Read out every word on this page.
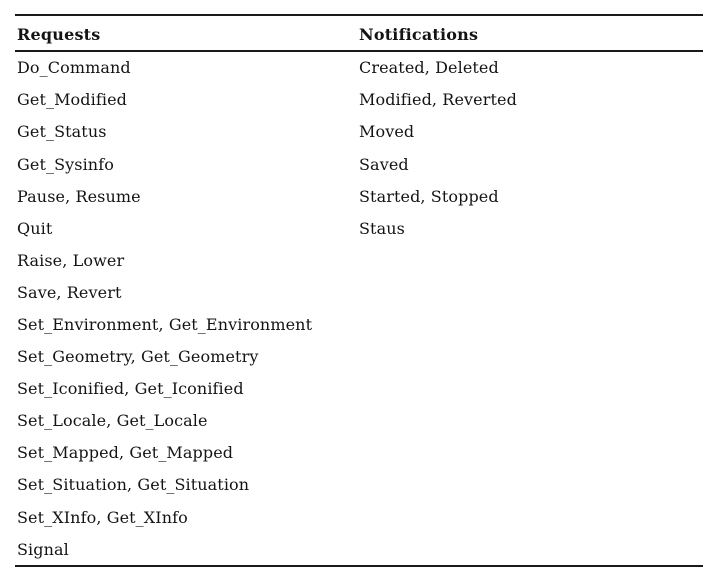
Requests	Notifications
Do_Command	Created, Deleted
Get_Modified	Modified, Reverted
Get_Status	Moved
Get_Sysinfo	Saved
Pause, Resume	Started, Stopped
Quit	Staus
Raise, Lower
Save, Revert
Set_Environment, Get_Environment
Set_Geometry, Get_Geometry
Set_Iconified, Get_Iconified
Set_Locale, Get_Locale
Set_Mapped, Get_Mapped
Set_Situation, Get_Situation
Set_XInfo, Get_XInfo
Signal
